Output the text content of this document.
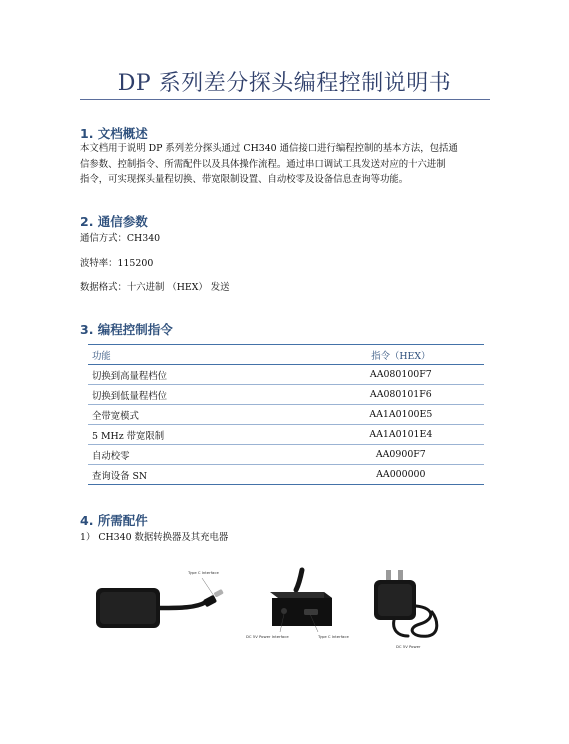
DP 系列差分探头编程控制说明书
1. 文档概述
本文档用于说明 DP 系列差分探头通过 CH340 通信接口进行编程控制的基本方法，包括通
信参数、控制指令、所需配件以及具体操作流程。通过串口调试工具发送对应的十六进制
指令，可实现探头量程切换、带宽限制设置、自动校零及设备信息查询等功能。
2. 通信参数
通信方式：CH340
波特率：115200
数据格式：十六进制 （HEX） 发送
3. 编程控制指令
功能	指令（HEX）
切换到高量程档位	AA080100F7
切换到低量程档位	AA080101F6
全带宽模式	AA1A0100E5
5 MHz 带宽限制	AA1A0101E4
自动校零	AA0900F7
查询设备 SN	AA000000
4. 所需配件
1） CH340 数据转换器及其充电器
Type C Interface
DC 5V Power Interface	Type C Interface
DC 5V Power
